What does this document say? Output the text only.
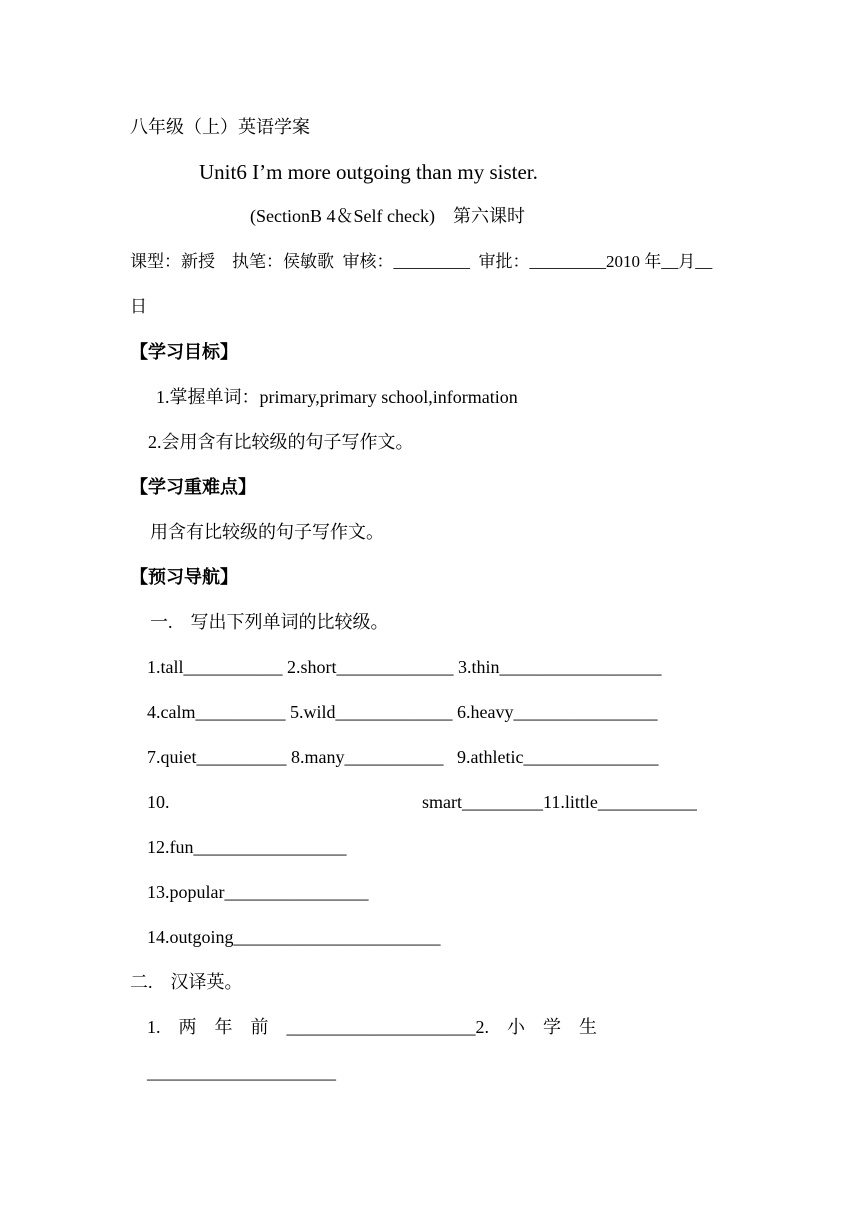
八年级（上）英语学案
Unit6 I’m more outgoing than my sister.
(SectionB 4＆Self check)　第六课时
课型：新授　执笔：侯敏歌  审核：_________  审批：_________2010 年__月__
日
【学习目标】
1.掌握单词：primary,primary school,information
2.会用含有比较级的句子写作文。
【学习重难点】
用含有比较级的句子写作文。
【预习导航】
一.　写出下列单词的比较级。
1.tall___________ 2.short_____________ 3.thin__________________
4.calm__________ 5.wild_____________ 6.heavy________________
7.quiet__________ 8.many___________   9.athletic_______________
10.	smart_________11.little___________
12.fun_________________
13.popular________________
14.outgoing_______________________
二.　汉译英。
1.　两　年　前　_____________________2.　小　学　生
_____________________
